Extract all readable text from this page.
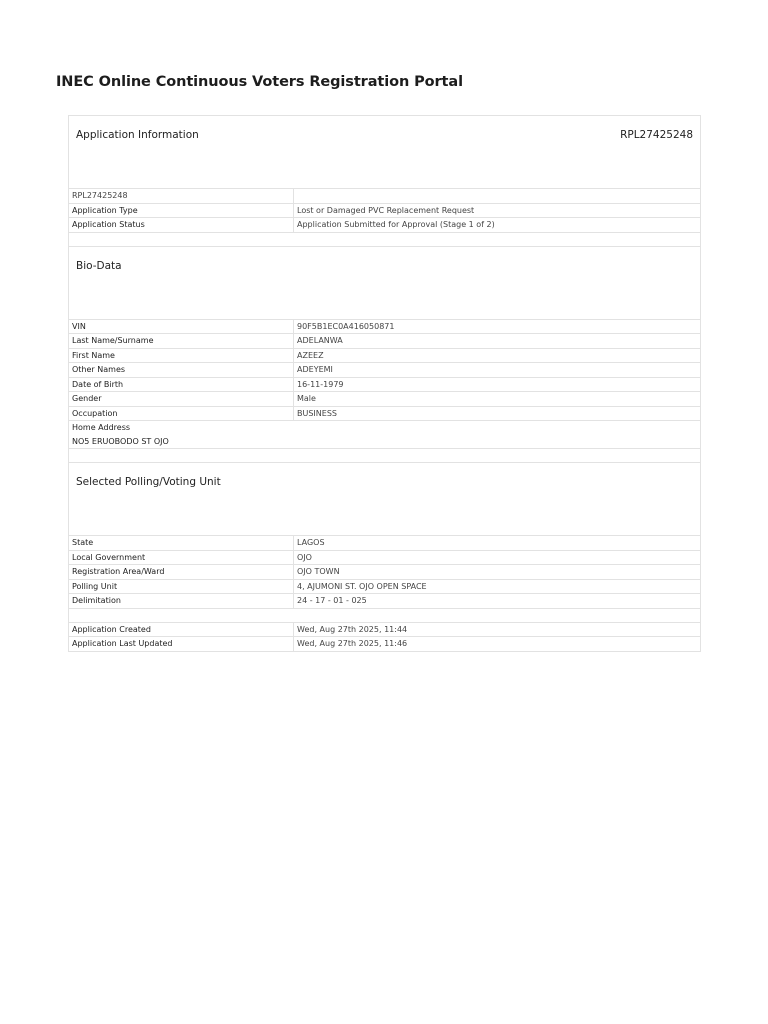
INEC Online Continuous Voters Registration Portal
Application Information RPL27425248	

RPL27425248	
Application Type	Lost or Damaged PVC Replacement Request
Application Status	Application Submitted for Approval (Stage 1 of 2)

Bio-Data	
VIN	90F5B1EC0A416050871
Last Name/Surname	ADELANWA
First Name	AZEEZ
Other Names	ADEYEMI
Date of Birth	16-11-1979
Gender	Male
Occupation	BUSINESS

Home Address
NO5 ERUOBODO ST OJO	

Selected Polling/Voting Unit	
State	LAGOS
Local Government	OJO
Registration Area/Ward	OJO TOWN
Polling Unit	4, AJUMONI ST. OJO OPEN SPACE
Delimitation	24 - 17 - 01 - 025

Application Created	Wed, Aug 27th 2025, 11:44
Application Last Updated	Wed, Aug 27th 2025, 11:46
